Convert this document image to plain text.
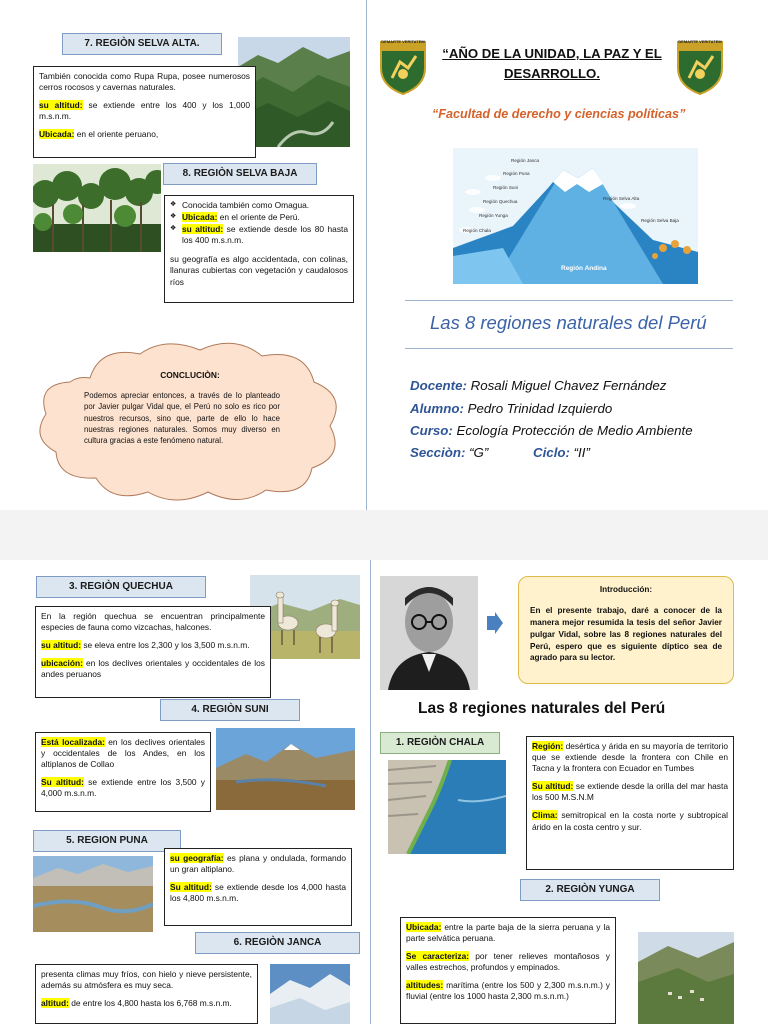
7. REGIÒN SELVA ALTA.

También conocida como Rupa Rupa, posee numerosos cerros rocosos y cavernas naturales.

su altitud: se extiende entre los 400 y los 1,000 m.s.n.m.

Ubicada: en el oriente peruano,

8. REGIÒN SELVA BAJA
❖ Conocida también como Omagua.
❖ Ubicada: en el oriente de Perú.
❖ su altitud: se extiende desde los 80 hasta los 400 m.s.n.m.

su geografía es algo accidentada, con colinas, llanuras cubiertas con vegetación y caudalosos ríos

CONCLUCIÒN:
Podemos apreciar entonces, a través de lo planteado por Javier pulgar Vidal que, el Perú no solo es rico por nuestros recursos, sino que, parte de ello lo hace nuestras regiones naturales. Somos muy diverso en cultura gracias a este fenómeno natural.
DEMARTE VERITATEM	DEMARTE VERITATEM
“AÑO DE LA UNIDAD, LA PAZ Y EL DESARROLLO.
“Facultad de derecho y ciencias políticas”
Región Janca
Región Puna
Región Suni
Región Quechua
Región Yunga
Región Chala
Región Selva Alta
Región Selva Baja
Región Andina
Las 8 regiones naturales del Perú
Docente: Rosali Miguel Chavez Fernández
Alumno: Pedro Trinidad Izquierdo
Curso: Ecología Protección de Medio Ambiente
Secciòn: “G”	Ciclo: “II”
3. REGIÒN QUECHUA

En la región quechua se encuentran principalmente especies de fauna como vizcachas, halcones.

su altitud: se eleva entre los 2,300 y los 3,500 m.s.n.m.

ubicación: en los declives orientales y occidentales de los andes peruanos

4. REGIÒN SUNI

Está localizada: en los declives orientales y occidentales de los Andes, en los altiplanos de Collao

Su altitud: se extiende entre los 3,500 y 4,000 m.s.n.m.

5. REGION PUNA

su geografía: es plana y ondulada, formando un gran altiplano.

Su altitud: se extiende desde los 4,000 hasta los 4,800 m.s.n.m.

6. REGIÒN JANCA

presenta climas muy fríos, con hielo y nieve persistente, además su atmósfera es muy seca.

altitud: de entre los 4,800 hasta los 6,768 m.s.n.m.

Introducción:
En el presente trabajo, daré a conocer de la manera mejor resumida la tesis del señor Javier pulgar Vidal, sobre las 8 regiones naturales del Perú, espero que es siguiente díptico sea de agrado para su lector.
Las 8 regiones naturales del Perú
1. REGIÒN CHALA	Región: desértica y árida en su mayoría de territorio que se extiende desde la frontera con Chile en Tacna y la frontera con Ecuador en Tumbes

Su altitud: se extiende desde la orilla del mar hasta los 500 M.S.N.M

Clima: semitropical en la costa norte y subtropical árido en la costa centro y sur.

2. REGIÒN YUNGA

Ubicada: entre la parte baja de la sierra peruana y la parte selvática peruana.

Se caracteriza: por tener relieves montañosos y valles estrechos, profundos y empinados.

altitudes: marítima (entre los 500 y 2,300 m.s.n.m.) y fluvial (entre los 1000 hasta 2,300 m.s.n.m.)
